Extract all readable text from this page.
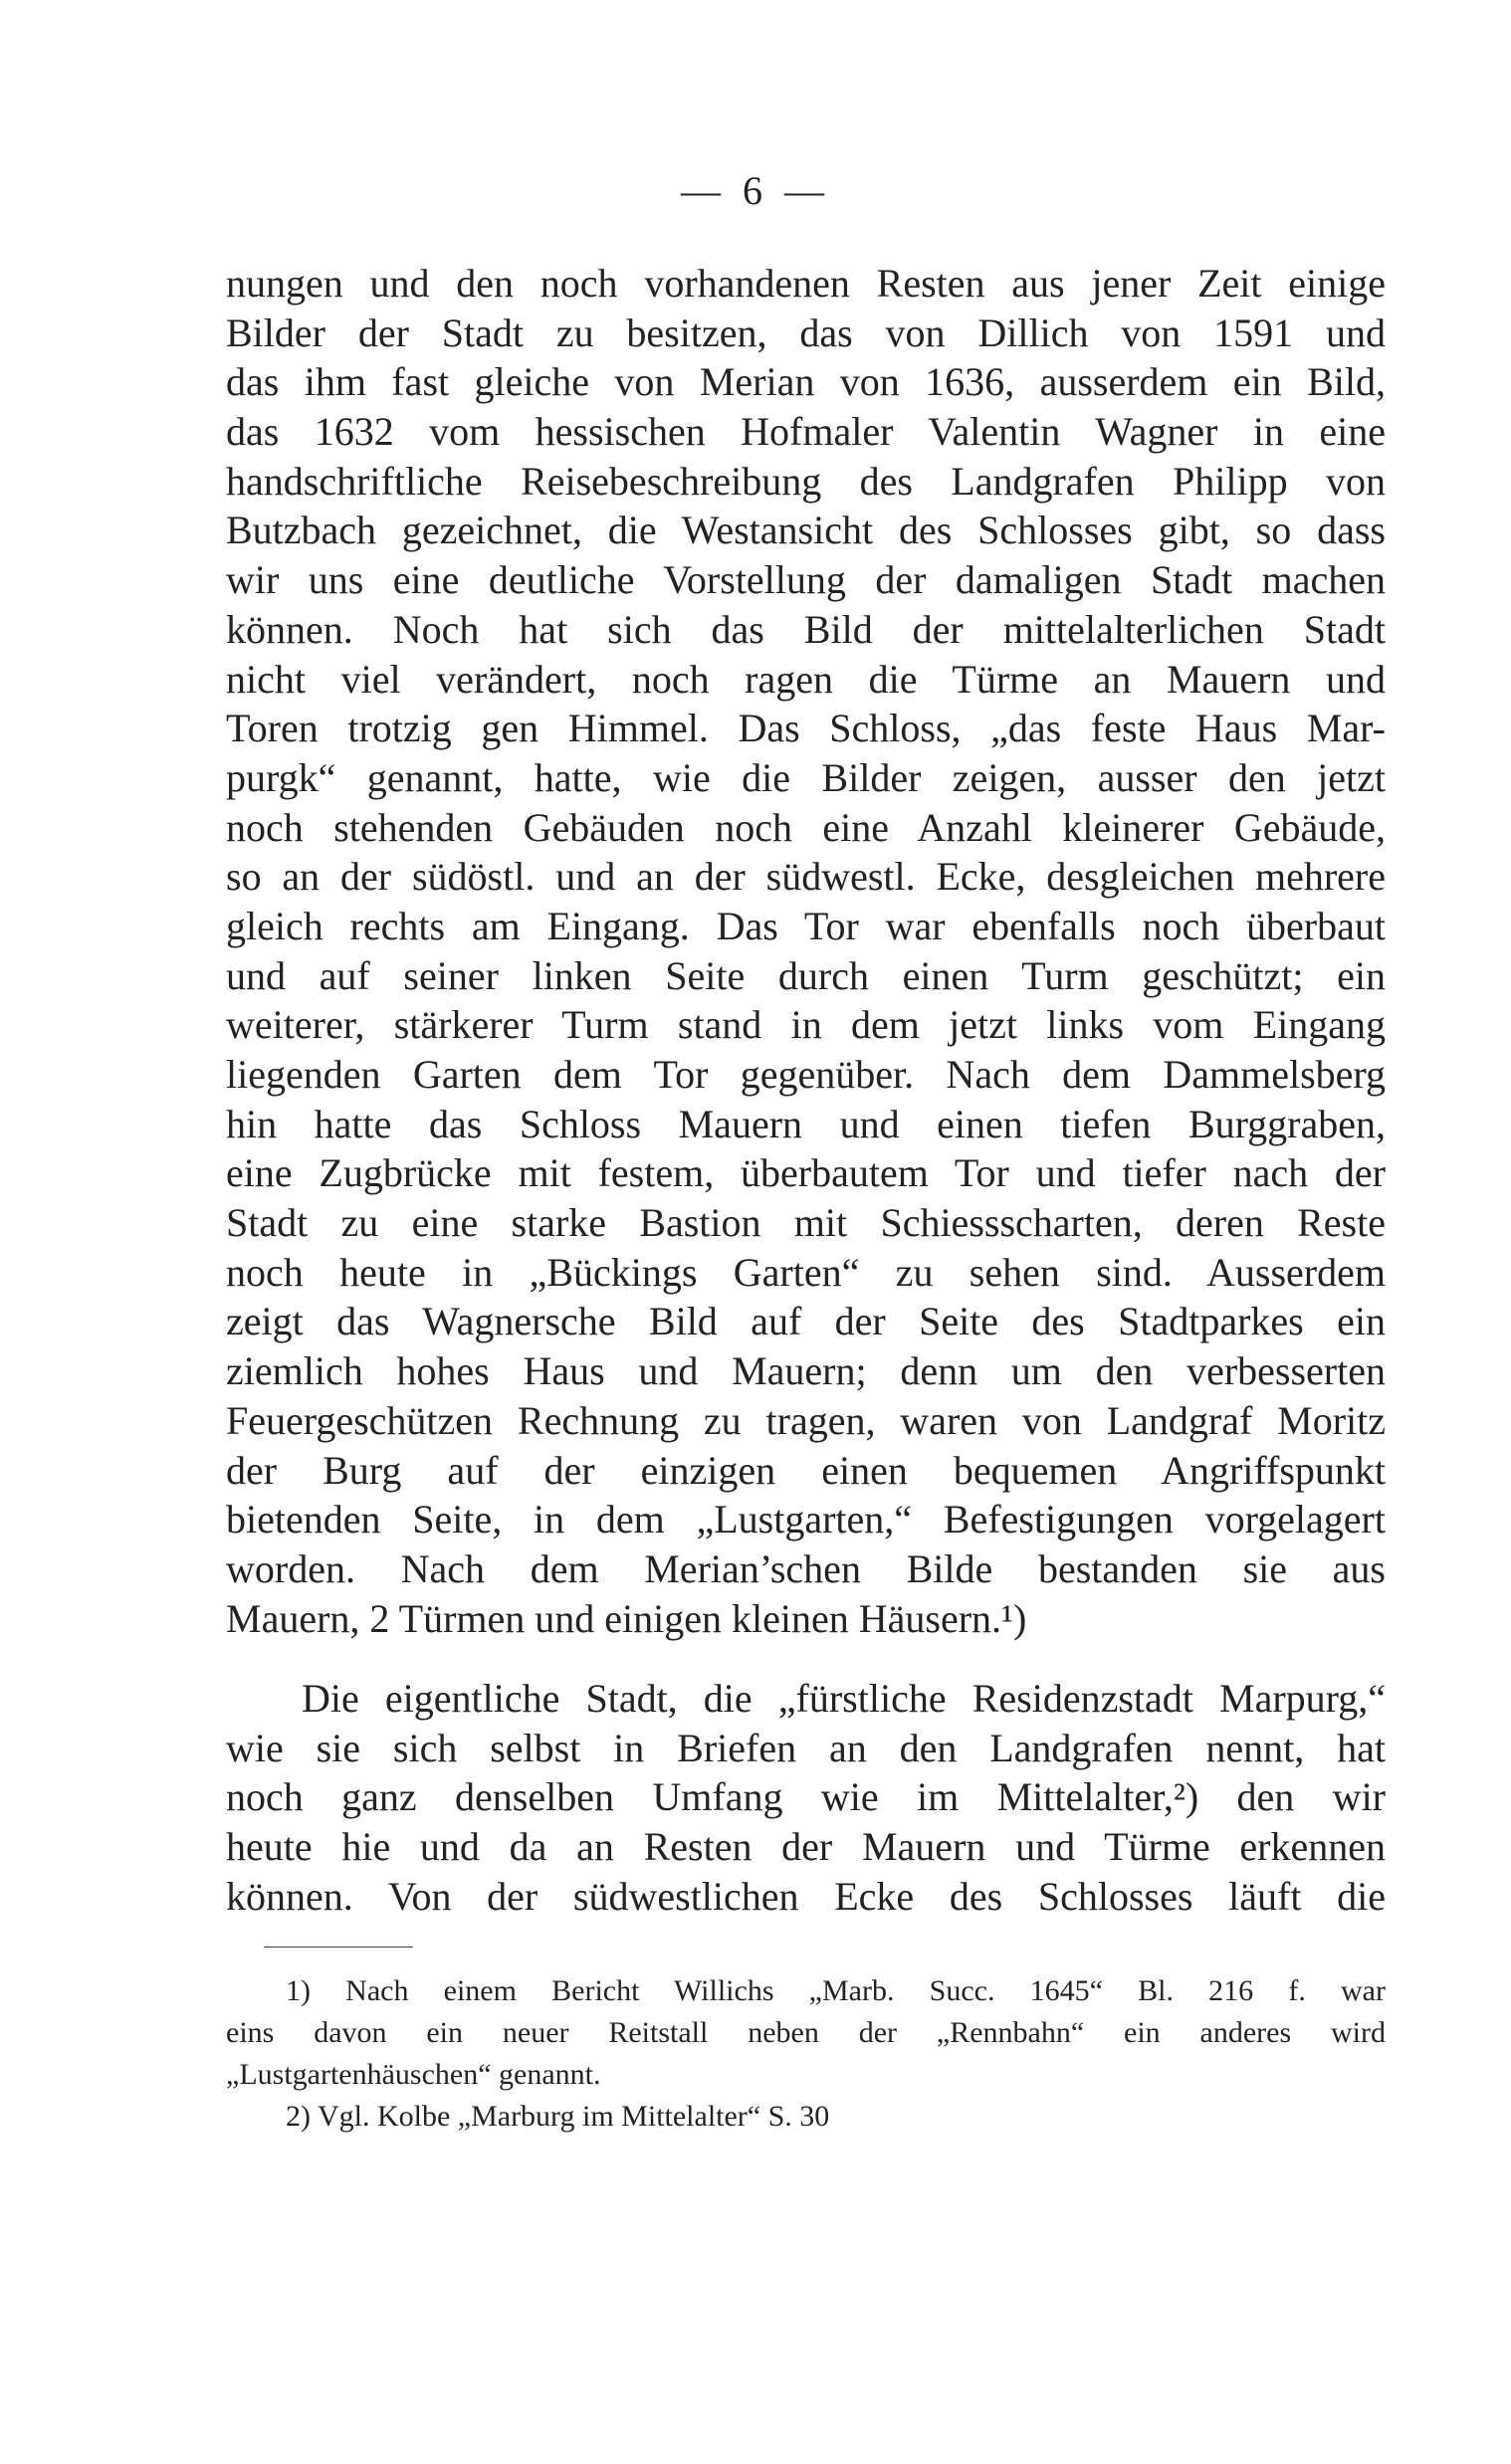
— 6 —
nungen und den noch vorhandenen Resten aus jener Zeit einige
Bilder der Stadt zu besitzen, das von Dillich von 1591 und
das ihm fast gleiche von Merian von 1636, ausserdem ein Bild,
das 1632 vom hessischen Hofmaler Valentin Wagner in eine
handschriftliche Reisebeschreibung des Landgrafen Philipp von
Butzbach gezeichnet, die Westansicht des Schlosses gibt, so dass
wir uns eine deutliche Vorstellung der damaligen Stadt machen
können. Noch hat sich das Bild der mittelalterlichen Stadt
nicht viel verändert, noch ragen die Türme an Mauern und
Toren trotzig gen Himmel. Das Schloss, „das feste Haus Mar-
purgk“ genannt, hatte, wie die Bilder zeigen, ausser den jetzt
noch stehenden Gebäuden noch eine Anzahl kleinerer Gebäude,
so an der südöstl. und an der südwestl. Ecke, desgleichen mehrere
gleich rechts am Eingang. Das Tor war ebenfalls noch überbaut
und auf seiner linken Seite durch einen Turm geschützt; ein
weiterer, stärkerer Turm stand in dem jetzt links vom Eingang
liegenden Garten dem Tor gegenüber. Nach dem Dammelsberg
hin hatte das Schloss Mauern und einen tiefen Burggraben,
eine Zugbrücke mit festem, überbautem Tor und tiefer nach der
Stadt zu eine starke Bastion mit Schiessscharten, deren Reste
noch heute in „Bückings Garten“ zu sehen sind. Ausserdem
zeigt das Wagnersche Bild auf der Seite des Stadtparkes ein
ziemlich hohes Haus und Mauern; denn um den verbesserten
Feuergeschützen Rechnung zu tragen, waren von Landgraf Moritz
der Burg auf der einzigen einen bequemen Angriffspunkt
bietenden Seite, in dem „Lustgarten,“ Befestigungen vorgelagert
worden. Nach dem Merian’schen Bilde bestanden sie aus
Mauern, 2 Türmen und einigen kleinen Häusern.¹)
Die eigentliche Stadt, die „fürstliche Residenzstadt Marpurg,“
wie sie sich selbst in Briefen an den Landgrafen nennt, hat
noch ganz denselben Umfang wie im Mittelalter,²) den wir
heute hie und da an Resten der Mauern und Türme erkennen
können. Von der südwestlichen Ecke des Schlosses läuft die
1) Nach einem Bericht Willichs „Marb. Succ. 1645“ Bl. 216 f. war
eins davon ein neuer Reitstall neben der „Rennbahn“ ein anderes wird
„Lustgartenhäuschen“ genannt.
2) Vgl. Kolbe „Marburg im Mittelalter“ S. 30
